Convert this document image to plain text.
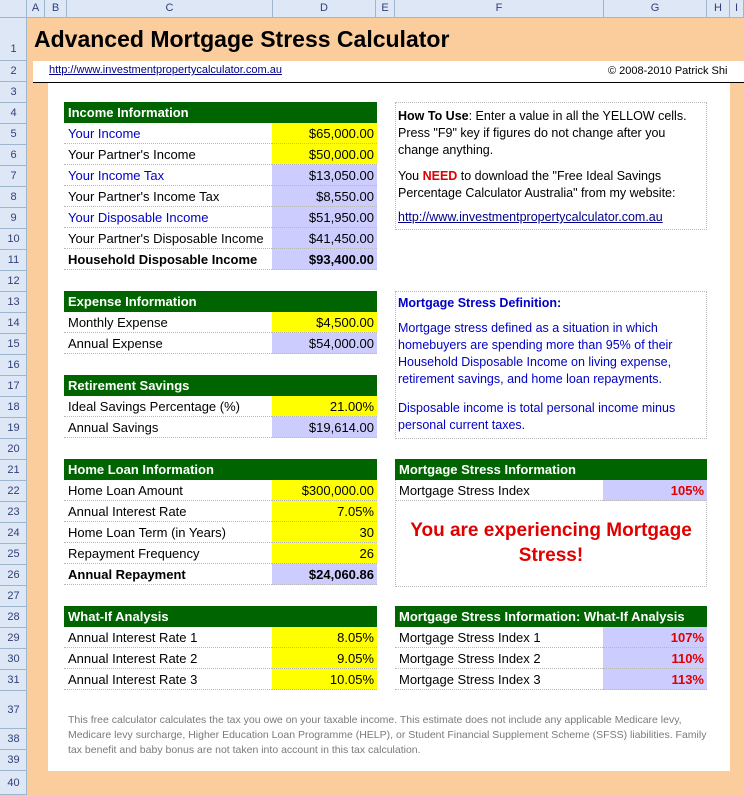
Advanced Mortgage Stress Calculator
http://www.investmentpropertycalculator.com.au	© 2008-2010 Patrick Shi
Income Information
Your Income	$65,000.00
Your Partner's Income	$50,000.00
Your Income Tax	$13,050.00
Your Partner's Income Tax	$8,550.00
Your Disposable Income	$51,950.00
Your Partner's Disposable Income	$41,450.00
Household Disposable Income	$93,400.00
Expense Information
Monthly Expense	$4,500.00
Annual Expense	$54,000.00
Retirement Savings
Ideal Savings Percentage (%)	21.00%
Annual Savings	$19,614.00
Home Loan Information
Home Loan Amount	$300,000.00
Annual Interest Rate	7.05%
Home Loan Term (in Years)	30
Repayment Frequency	26
Annual Repayment	$24,060.86
What-If Analysis
Annual Interest Rate 1	8.05%
Annual Interest Rate 2	9.05%
Annual Interest Rate 3	10.05%
How To Use: Enter a value in all the YELLOW cells. Press "F9" key if figures do not change after you change anything.
You NEED to download the "Free Ideal Savings Percentage Calculator Australia" from my website:
http://www.investmentpropertycalculator.com.au
Mortgage Stress Definition:
Mortgage stress defined as a situation in which homebuyers are spending more than 95% of their Household Disposable Income on living expense, retirement savings, and home loan repayments.
Disposable income is total personal income minus personal current taxes.
Mortgage Stress Information
Mortgage Stress Index	105%
You are experiencing Mortgage Stress!
Mortgage Stress Information: What-If Analysis
Mortgage Stress Index 1	107%
Mortgage Stress Index 2	110%
Mortgage Stress Index 3	113%
This free calculator calculates the tax you owe on your taxable income. This estimate does not include any applicable Medicare levy, Medicare levy surcharge, Higher Education Loan Programme (HELP), or Student Financial Supplement Scheme (SFSS) liabilities. Family tax benefit and baby bonus are not taken into account in this tax calculation.
A	B	C	D	E	F	G	H	I
1
2
3
4
5
6
7
8
9
10
11
12
13
14
15
16
17
18
19
20
21
22
23
24
25
26
27
28
29
30
31
37
38
39
40
